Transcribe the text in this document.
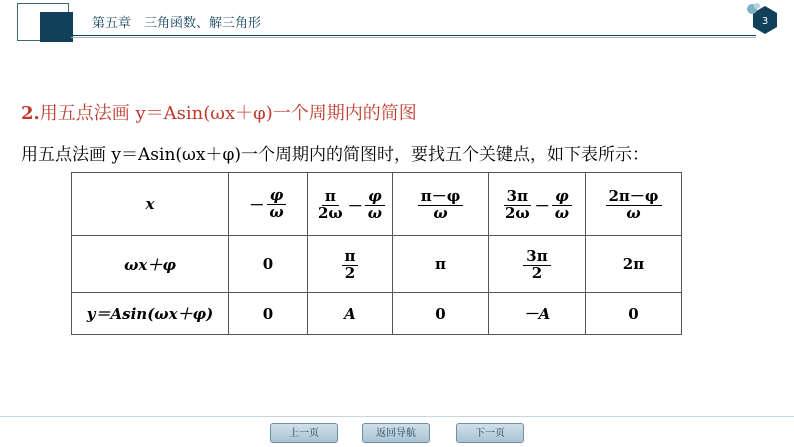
第五章　三角函数、解三角形	3
2.用五点法画 y＝Asin(ωx＋φ)一个周期内的简图
用五点法画 y＝Asin(ωx＋φ)一个周期内的简图时，要找五个关键点，如下表所示：
x	－ $\frac{\varphi}{\omega}$	$\frac{\pi}{2\omega} - \frac{\varphi}{\omega}$	$\frac{\pi-\varphi}{\omega}$	$\frac{3\pi}{2\omega} - \frac{\varphi}{\omega}$	$\frac{2\pi-\varphi}{\omega}$

ωx＋φ	0	$\frac{\pi}{2}$	π	$\frac{3\pi}{2}$	2π
y＝Asin(ωx＋φ)	0	A	0	－A	0
上一页	返回导航	下一页
